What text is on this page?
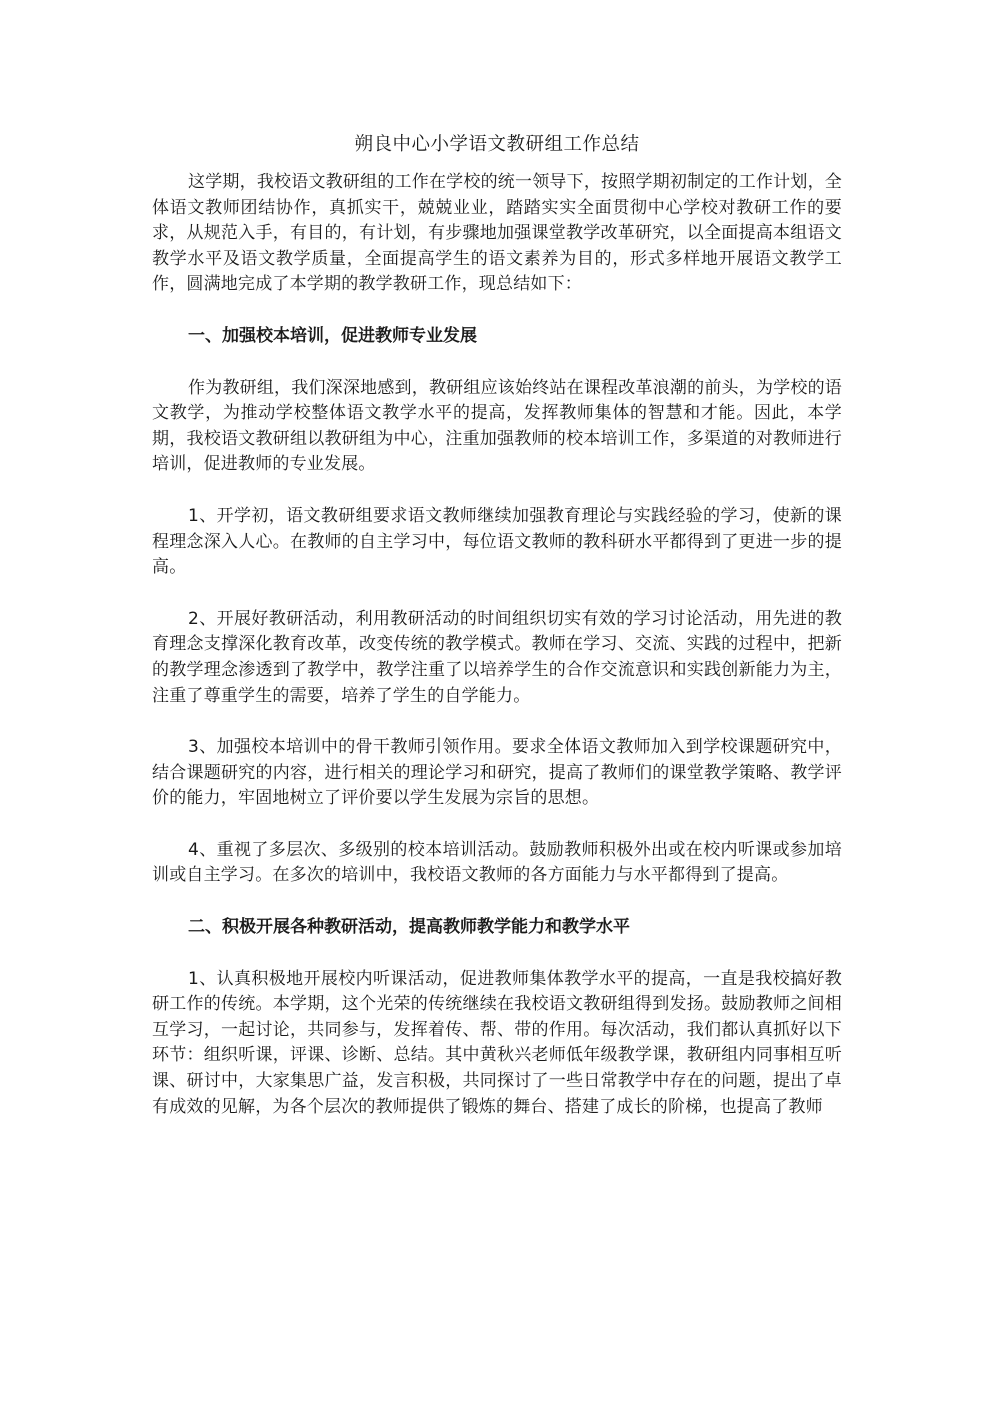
朔良中心小学语文教研组工作总结

这学期，我校语文教研组的工作在学校的统一领导下，按照学期初制定的工作计划，全体语文教师团结协作，真抓实干，兢兢业业，踏踏实实全面贯彻中心学校对教研工作的要求，从规范入手，有目的，有计划，有步骤地加强课堂教学改革研究，以全面提高本组语文教学水平及语文教学质量，全面提高学生的语文素养为目的，形式多样地开展语文教学工作，圆满地完成了本学期的教学教研工作，现总结如下：

一、加强校本培训，促进教师专业发展

作为教研组，我们深深地感到，教研组应该始终站在课程改革浪潮的前头，为学校的语文教学，为推动学校整体语文教学水平的提高，发挥教师集体的智慧和才能。因此，本学期，我校语文教研组以教研组为中心，注重加强教师的校本培训工作，多渠道的对教师进行培训，促进教师的专业发展。

1、开学初，语文教研组要求语文教师继续加强教育理论与实践经验的学习，使新的课程理念深入人心。在教师的自主学习中，每位语文教师的教科研水平都得到了更进一步的提高。

2、开展好教研活动，利用教研活动的时间组织切实有效的学习讨论活动，用先进的教育理念支撑深化教育改革，改变传统的教学模式。教师在学习、交流、实践的过程中，把新的教学理念渗透到了教学中，教学注重了以培养学生的合作交流意识和实践创新能力为主，注重了尊重学生的需要，培养了学生的自学能力。

3、加强校本培训中的骨干教师引领作用。要求全体语文教师加入到学校课题研究中，结合课题研究的内容，进行相关的理论学习和研究，提高了教师们的课堂教学策略、教学评价的能力，牢固地树立了评价要以学生发展为宗旨的思想。

4、重视了多层次、多级别的校本培训活动。鼓励教师积极外出或在校内听课或参加培训或自主学习。在多次的培训中，我校语文教师的各方面能力与水平都得到了提高。

二、积极开展各种教研活动，提高教师教学能力和教学水平

1、认真积极地开展校内听课活动，促进教师集体教学水平的提高，一直是我校搞好教研工作的传统。本学期，这个光荣的传统继续在我校语文教研组得到发扬。鼓励教师之间相互学习，一起讨论，共同参与，发挥着传、帮、带的作用。每次活动，我们都认真抓好以下环节：组织听课，评课、诊断、总结。其中黄秋兴老师低年级教学课，教研组内同事相互听课、研讨中，大家集思广益，发言积极，共同探讨了一些日常教学中存在的问题，提出了卓有成效的见解，为各个层次的教师提供了锻炼的舞台、搭建了成长的阶梯，也提高了教师
